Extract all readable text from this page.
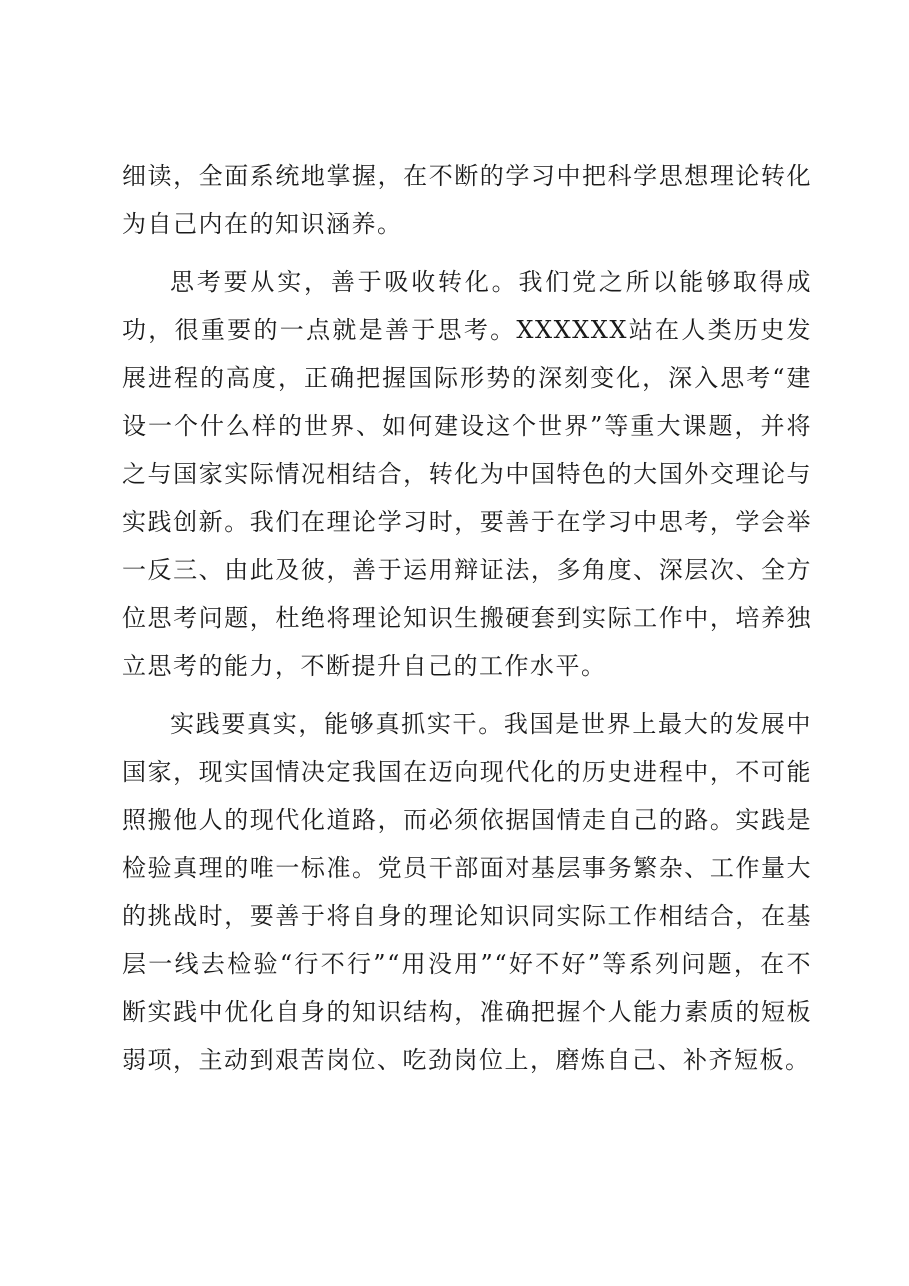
细读，全面系统地掌握，在不断的学习中把科学思想理论转化为自己内在的知识涵养。

思考要从实，善于吸收转化。我们党之所以能够取得成功，很重要的一点就是善于思考。XXXXXX站在人类历史发展进程的高度，正确把握国际形势的深刻变化，深入思考“建设一个什么样的世界、如何建设这个世界”等重大课题，并将之与国家实际情况相结合，转化为中国特色的大国外交理论与实践创新。我们在理论学习时，要善于在学习中思考，学会举一反三、由此及彼，善于运用辩证法，多角度、深层次、全方位思考问题，杜绝将理论知识生搬硬套到实际工作中，培养独立思考的能力，不断提升自己的工作水平。

实践要真实，能够真抓实干。我国是世界上最大的发展中国家，现实国情决定我国在迈向现代化的历史进程中，不可能照搬他人的现代化道路，而必须依据国情走自己的路。实践是检验真理的唯一标准。党员干部面对基层事务繁杂、工作量大的挑战时，要善于将自身的理论知识同实际工作相结合，在基层一线去检验“行不行”“用没用”“好不好”等系列问题，在不断实践中优化自身的知识结构，准确把握个人能力素质的短板弱项，主动到艰苦岗位、吃劲岗位上，磨炼自己、补齐短板。
